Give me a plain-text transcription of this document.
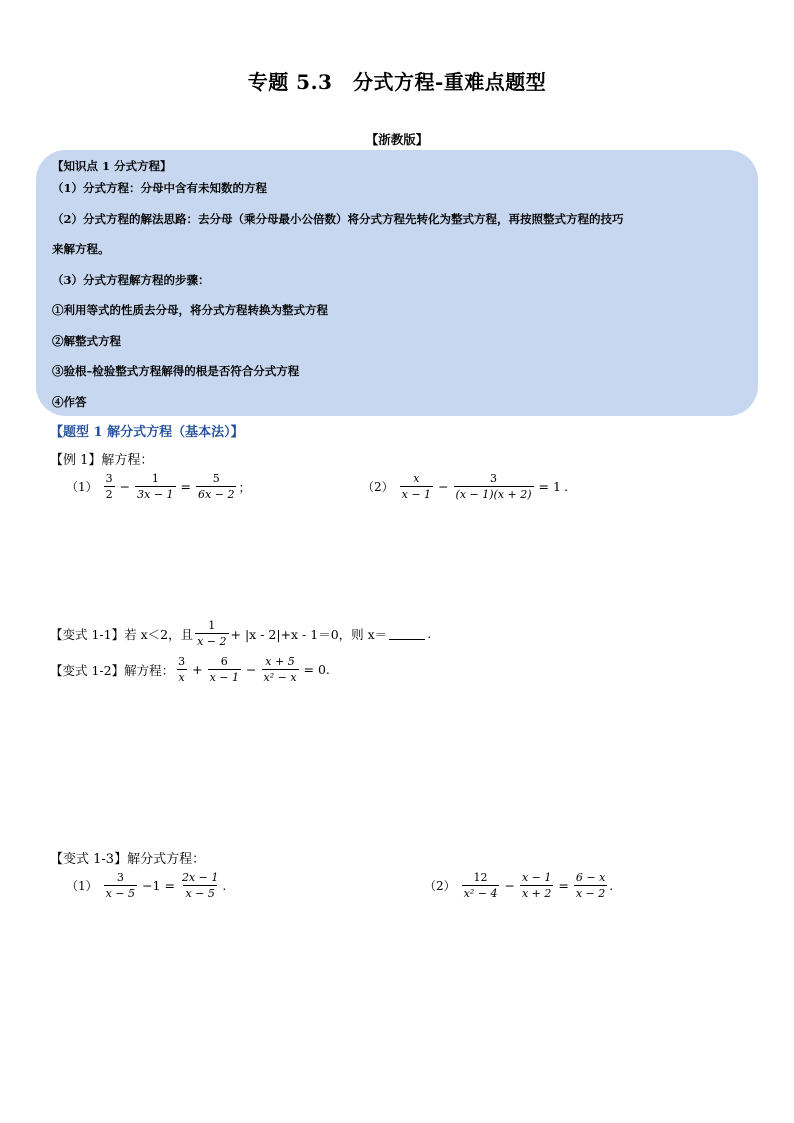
专题 5.3　分式方程-重难点题型
【浙教版】
【知识点 1 分式方程】
（1）分式方程：分母中含有未知数的方程
（2）分式方程的解法思路：去分母（乘分母最小公倍数）将分式方程先转化为整式方程，再按照整式方程的技巧
来解方程。
（3）分式方程解方程的步骤：
①利用等式的性质去分母，将分式方程转换为整式方程
②解整式方程
③验根–检验整式方程解得的根是否符合分式方程
④作答
【题型 1 解分式方程（基本法）】
【例 1】解方程：
$(1) \frac{3}{2} - \frac{1}{3x - 1} = \frac{5}{6x - 2}$ ；	$(2) \frac{x}{x - 1} - \frac{3}{(x - 1)(x + 2)} = 1$ .
【变式 1-1】若 x＜2，且 $\frac{1}{x - 2} + |x - 2|+x - 1=0$，则 x＝	.
【变式 1-2】解方程： $\frac{3}{x} + \frac{6}{x - 1} - \frac{x + 5}{\text{x² − x}} = 0$.
【变式 1-3】解分式方程：
$(1) \frac{3}{x - 5} -1 = \frac{2x - 1}{x - 5}$ .	$(2) \frac{12}{\text{x² − 4}} - \frac{x - 1}{x + 2} = \frac{6 - x}{x - 2}$ .
